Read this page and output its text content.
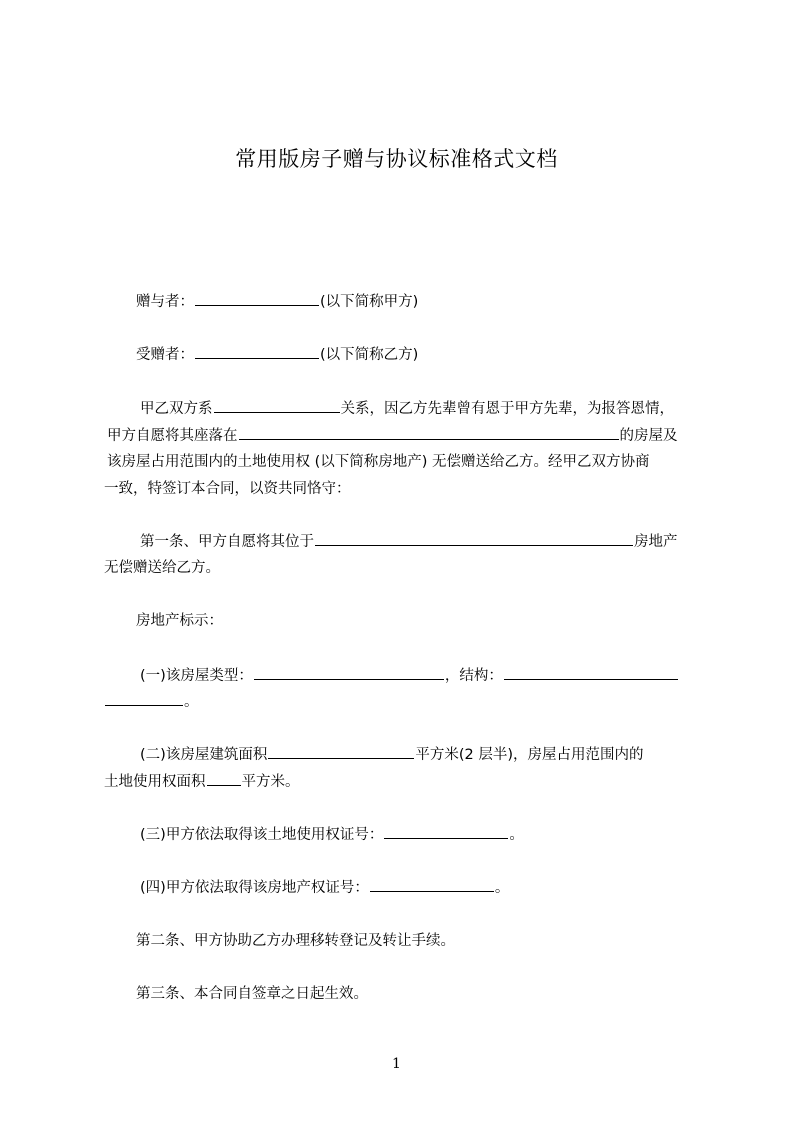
常用版房子赠与协议标准格式文档
赠与者：	(以下简称甲方)
受赠者：	(以下简称乙方)
甲乙双方系	关系，因乙方先辈曾有恩于甲方先辈，为报答恩情，
甲方自愿将其座落在	的房屋及
该房屋占用范围内的土地使用权 (以下简称房地产) 无偿赠送给乙方。经甲乙双方协商
一致，特签订本合同，以资共同恪守：
第一条、甲方自愿将其位于	房地产
无偿赠送给乙方。
房地产标示：
(一)该房屋类型：	，结构：
。
(二)该房屋建筑面积	平方米(2 层半)，房屋占用范围内的
土地使用权面积 平方米。
(三)甲方依法取得该土地使用权证号：	。
(四)甲方依法取得该房地产权证号：	。
第二条、甲方协助乙方办理移转登记及转让手续。
第三条、本合同自签章之日起生效。
1
